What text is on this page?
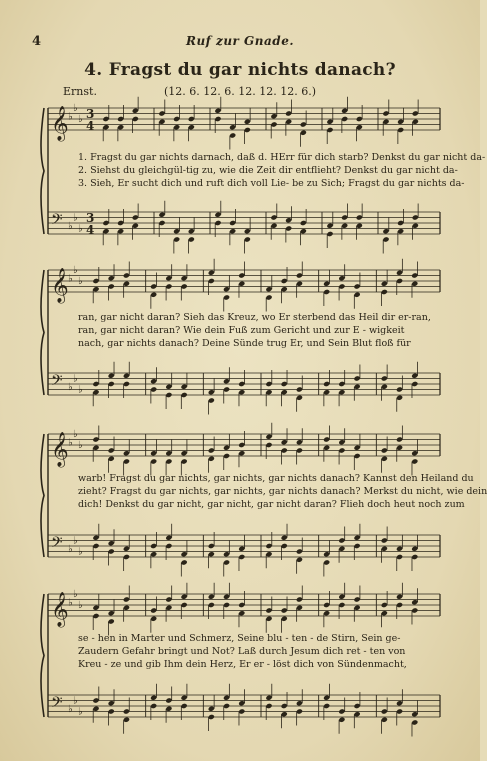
4	Ruf zur Gnade.
4. Fragst du gar nichts danach?
Ernst.	(12. 6. 12. 6. 12. 12. 12. 6.)
𝄞 ♭
♭
♭ 3
4
𝄢 ♭
♭
♭
3
4
𝄞 ♭
♭
♭
𝄢 ♭
♭
♭
𝄞 ♭
♭
♭
𝄢 ♭
♭
♭
𝄞 ♭
♭
♭
𝄢 ♭
♭
♭
1. Fragst du gar nichts darnach, daß d. HErr für dich starb? Denkst du gar nicht da-
2. Siehst du gleichgül-tig zu, wie die Zeit dir entflieht? Denkst du gar nicht da-
3. Sieh, Er sucht dich und ruft dich voll Lie- be zu Sich; Fragst du gar nichts da-
ran, gar nicht daran? Sieh das Kreuz, wo Er sterbend das Heil dir er-ran,
ran, gar nicht daran? Wie dein Fuß zum Gericht und zur E - wigkeit
nach, gar nichts danach? Deine Sünde trug Er, und Sein Blut floß für
warb! Fragst du gar nichts, gar nichts, gar nichts danach? Kannst den Heiland du
zieht? Fragst du gar nichts, gar nichts, gar nichts danach? Merkst du nicht, wie dein
dich! Denkst du gar nicht, gar nicht, gar nicht daran? Flieh doch heut noch zum
se - hen in Marter und Schmerz, Seine blu - ten - de Stirn, Sein ge-
Zaudern Gefahr bringt und Not? Laß durch Jesum dich ret - ten von
Kreu - ze und gib Ihm dein Herz, Er er - löst dich von Sündenmacht,
